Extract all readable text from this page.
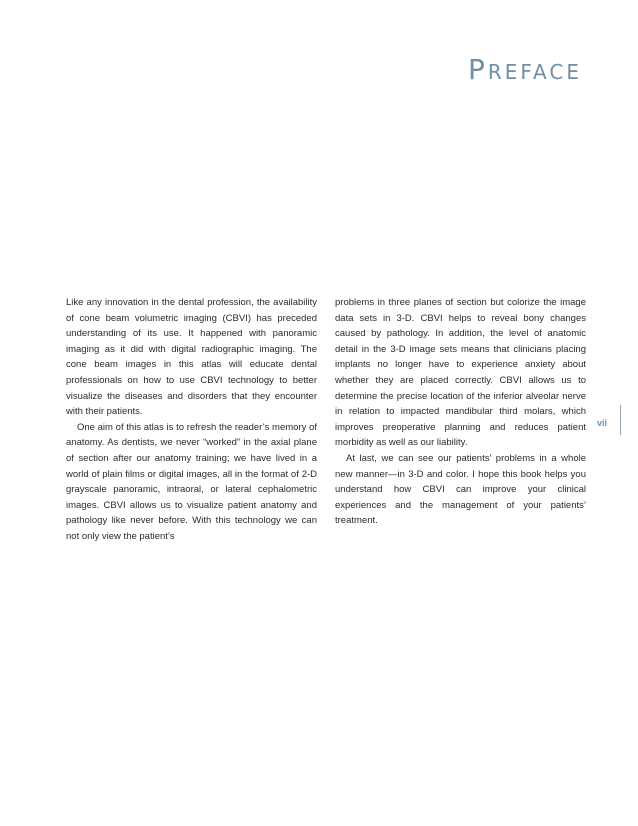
Preface

Like any innovation in the dental profession, the availability of cone beam volumetric imaging (CBVI) has preceded understanding of its use. It happened with panoramic imaging as it did with digital radiographic imaging. The cone beam images in this atlas will educate dental professionals on how to use CBVI technology to better visualize the diseases and disorders that they encounter with their patients.

One aim of this atlas is to refresh the reader’s memory of anatomy. As dentists, we never “worked” in the axial plane of section after our anatomy training; we have lived in a world of plain films or digital images, all in the format of 2-D grayscale panoramic, intraoral, or lateral cephalometric images. CBVI allows us to visualize patient anatomy and pathology like never before. With this technology we can not only view the patient’s

problems in three planes of section but colorize the image data sets in 3-D. CBVI helps to reveal bony changes caused by pathology. In addition, the level of anatomic detail in the 3-D image sets means that clinicians placing implants no longer have to experience anxiety about whether they are placed correctly. CBVI allows us to determine the precise location of the inferior alveolar nerve in relation to impacted mandibular third molars, which improves preoperative planning and reduces patient morbidity as well as our liability.

At last, we can see our patients’ problems in a whole new manner—in 3-D and color. I hope this book helps you understand how CBVI can improve your clinical experiences and the management of your patients’ treatment.

vii
